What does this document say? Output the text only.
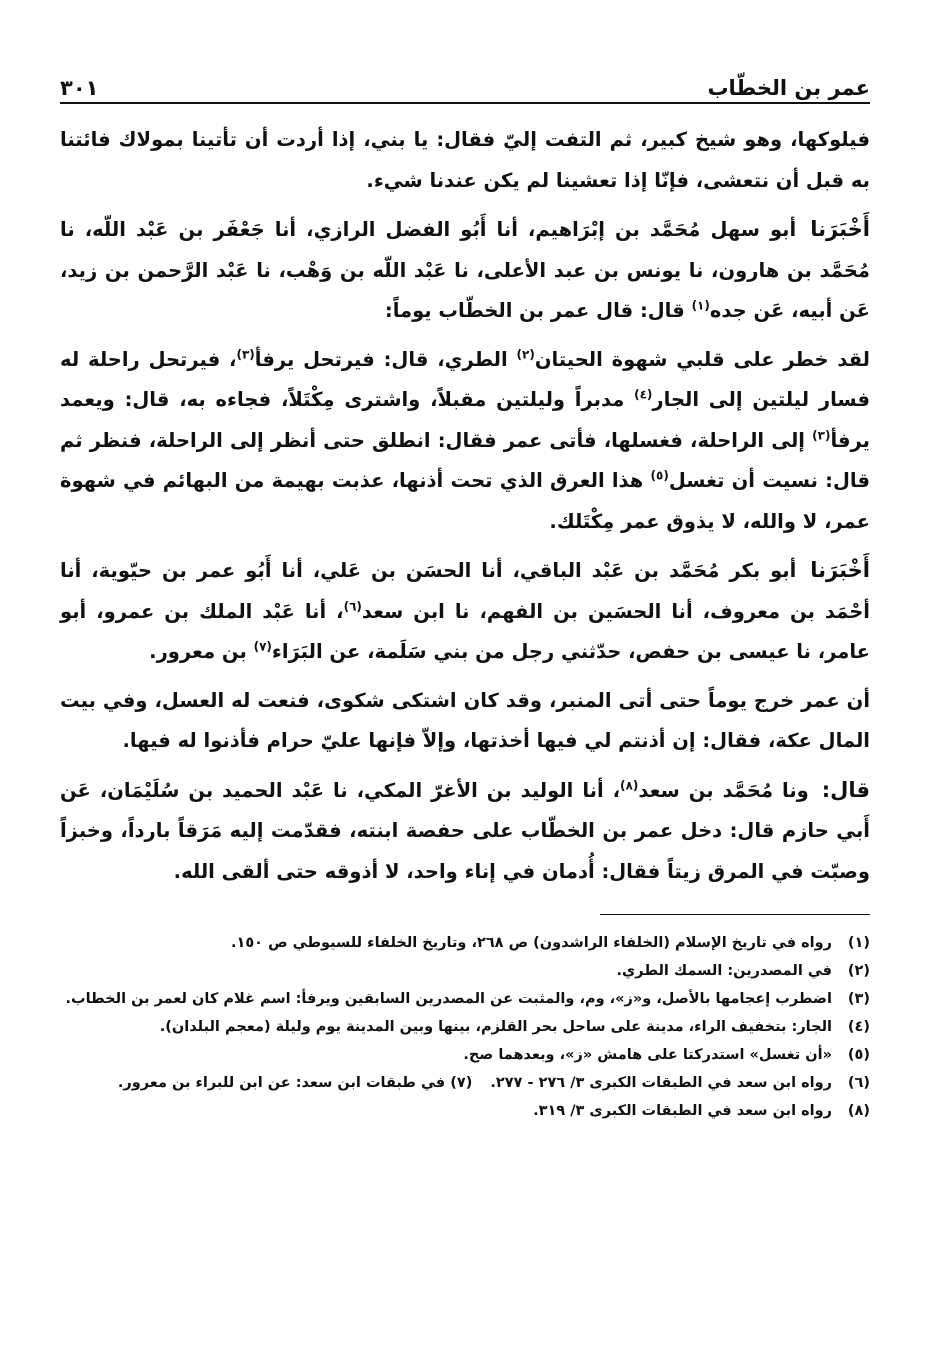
عمر بن الخطّاب
٣٠١

فيلوكها، وهو شيخ كبير، ثم التفت إليّ فقال: يا بني، إذا أردت أن تأتينا بمولاك فائتنا به قبل أن نتعشى، فإنّا إذا تعشينا لم يكن عندنا شيء.

أَخْبَرَنا أبو سهل مُحَمَّد بن إبْرَاهيم، أنا أَبُو الفضل الرازي، أنا جَعْفَر بن عَبْد اللّه، نا مُحَمَّد بن هارون، نا يونس بن عبد الأعلى، نا عَبْد اللّه بن وَهْب، نا عَبْد الرَّحمن بن زيد، عَن أبيه، عَن جده$^{(١)}$ قال: قال عمر بن الخطّاب يوماً:

لقد خطر على قلبي شهوة الحيتان$^{(٢)}$ الطري، قال: فيرتحل يرفأ$^{(٣)}$، فيرتحل راحلة له فسار ليلتين إلى الجار$^{(٤)}$ مدبراً وليلتين مقبلاً، واشترى مِكْتَلاً، فجاءه به، قال: ويعمد يرفأ$^{(٣)}$ إلى الراحلة، فغسلها، فأتى عمر فقال: انطلق حتى أنظر إلى الراحلة، فنظر ثم قال: نسيت أن تغسل$^{(٥)}$ هذا العرق الذي تحت أذنها، عذبت بهيمة من البهائم في شهوة عمر، لا والله، لا يذوق عمر مِكْتَلك.

أَخْبَرَنا أبو بكر مُحَمَّد بن عَبْد الباقي، أنا الحسَن بن عَلي، أنا أَبُو عمر بن حيّوية، أنا أحْمَد بن معروف، أنا الحسَين بن الفهم، نا ابن سعد$^{(٦)}$، أنا عَبْد الملك بن عمرو، أبو عامر، نا عيسى بن حفص، حدّثني رجل من بني سَلَمة، عن البَرَاء$^{(٧)}$ بن معرور.

أن عمر خرج يوماً حتى أتى المنبر، وقد كان اشتكى شكوى، فنعت له العسل، وفي بيت المال عكة، فقال: إن أذنتم لي فيها أخذتها، وإلاّ فإنها عليّ حرام فأذنوا له فيها.

قال: ونا مُحَمَّد بن سعد$^{(٨)}$، أنا الوليد بن الأغرّ المكي، نا عَبْد الحميد بن سُلَيْمَان، عَن أَبي حازم قال: دخل عمر بن الخطّاب على حفصة ابنته، فقدّمت إليه مَرَقاً بارداً، وخبزاً وصبّت في المرق زيتاً فقال: أُدمان في إناء واحد، لا أذوقه حتى ألقى الله.

(١)
رواه في تاريخ الإسلام (الخلفاء الراشدون) ص ٢٦٨، وتاريخ الخلفاء للسيوطي ص ١٥٠.
(٢)
في المصدرين: السمك الطري.
(٣)
اضطرب إعجامها بالأصل، و«ز»، وم، والمثبت عن المصدرين السابقين ويرفأ: اسم غلام كان لعمر بن الخطاب.
(٤)
الجار: بتخفيف الراء، مدينة على ساحل بحر القلزم، بينها وبين المدينة يوم وليلة (معجم البلدان).
(٥)
«أن تغسل» استدركتا على هامش «ز»، وبعدهما صح.
(٦)
رواه ابن سعد في الطبقات الكبرى ٣/ ٢٧٦ - ٢٧٧.(٧) في طبقات ابن سعد: عن ابن للبراء بن معرور.
(٨)
رواه ابن سعد في الطبقات الكبرى ٣/ ٣١٩.
